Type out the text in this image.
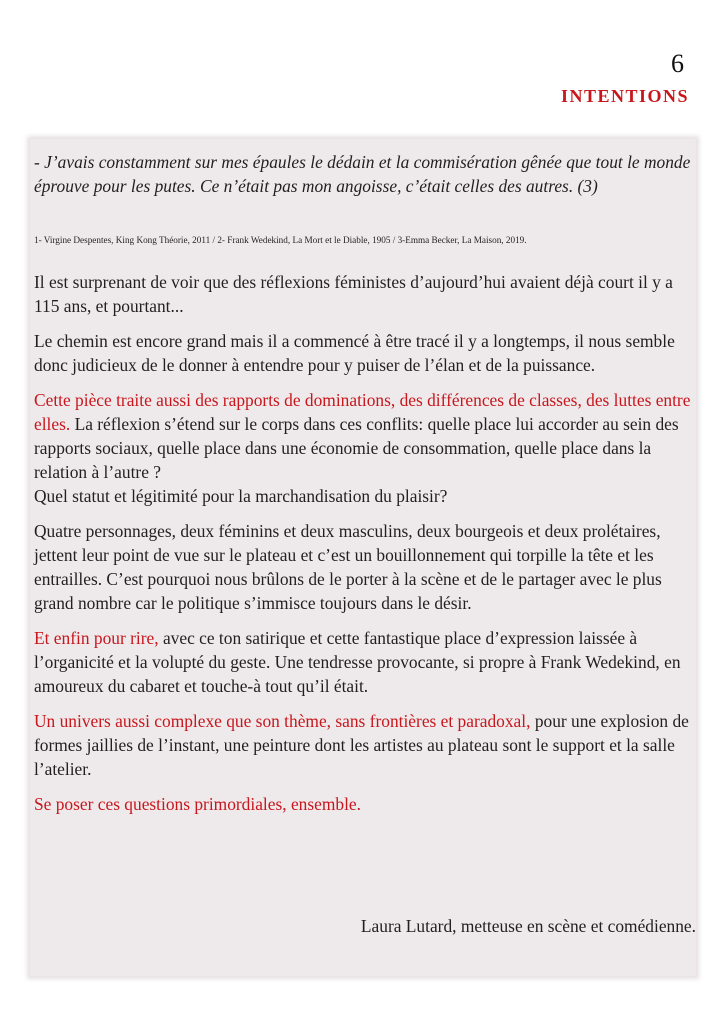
6
intentions
- J’avais constamment sur mes épaules le dédain et la commisération gênée que tout le monde éprouve pour les putes. Ce n’était pas mon angoisse, c’était celles des autres. (3)
1- Virgine Despentes, King Kong Théorie, 2011 / 2- Frank Wedekind, La Mort et le Diable, 1905 / 3-Emma Becker, La Maison, 2019.

Il est surprenant de voir que des réflexions féministes d’aujourd’hui avaient déjà court il y a 115 ans, et pourtant...

Le chemin est encore grand mais il a commencé à être tracé il y a longtemps, il nous semble donc judicieux de le donner à entendre pour y puiser de l’élan et de la puissance.

Cette pièce traite aussi des rapports de dominations, des différences de classes, des luttes entre elles. La réflexion s’étend sur le corps dans ces conflits: quelle place lui accorder au sein des rapports sociaux, quelle place dans une économie de consommation, quelle place dans la relation à l’autre ?
Quel statut et légitimité pour la marchandisation du plaisir?

Quatre personnages, deux féminins et deux masculins, deux bourgeois et deux prolétaires, jettent leur point de vue sur le plateau et c’est un bouillonnement qui torpille la tête et les entrailles. C’est pourquoi nous brûlons de le porter à la scène et de le partager avec le plus grand nombre car le politique s’immisce toujours dans le désir.

Et enfin pour rire, avec ce ton satirique et cette fantastique place d’expression laissée à l’organicité et la volupté du geste. Une tendresse provocante, si propre à Frank Wedekind, en amoureux du cabaret et touche-à tout qu’il était.

Un univers aussi complexe que son thème, sans frontières et paradoxal, pour une explosion de formes jaillies de l’instant, une peinture dont les artistes au plateau sont le support et la salle l’atelier.

Se poser ces questions primordiales, ensemble.

Laura Lutard, metteuse en scène et comédienne.
